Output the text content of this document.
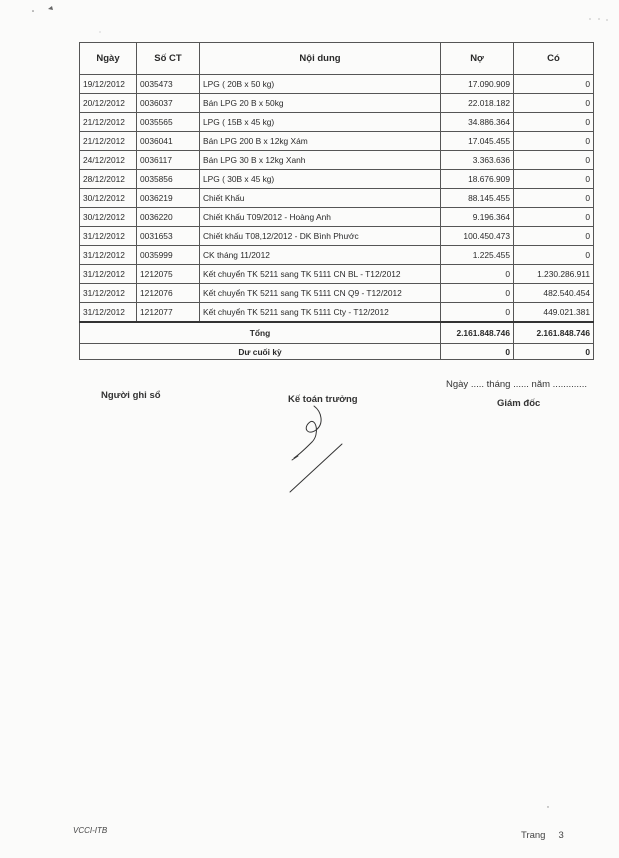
Ngày	Số CT	Nội dung	Nợ	Có
19/12/2012	0035473	LPG ( 20B x 50 kg)	17.090.909	0
20/12/2012	0036037	Bán LPG 20 B x 50kg	22.018.182	0
21/12/2012	0035565	LPG ( 15B x 45 kg)	34.886.364	0
21/12/2012	0036041	Bán LPG 200 B x 12kg Xám	17.045.455	0
24/12/2012	0036117	Bán LPG 30 B x 12kg Xanh	3.363.636	0
28/12/2012	0035856	LPG ( 30B x 45 kg)	18.676.909	0
30/12/2012	0036219	Chiết Khấu	88.145.455	0
30/12/2012	0036220	Chiết Khấu T09/2012 - Hoàng Anh	9.196.364	0
31/12/2012	0031653	Chiết khấu T08,12/2012 - DK Bình Phước	100.450.473	0
31/12/2012	0035999	CK tháng 11/2012	1.225.455	0
31/12/2012	1212075	Kết chuyển TK 5211 sang TK 5111 CN BL - T12/2012	0	1.230.286.911
31/12/2012	1212076	Kết chuyển TK 5211 sang TK 5111 CN Q9 - T12/2012	0	482.540.454
31/12/2012	1212077	Kết chuyển TK 5211 sang TK 5111 Cty - T12/2012	0	449.021.381
Tổng			2.161.848.746	2.161.848.746
Dư cuối kỳ			0	0
Ngày ..... tháng ...... năm .............
Người ghi sổ	Kế toán trưởng	Giám đốc
VCCI-ITB	Trang 3
